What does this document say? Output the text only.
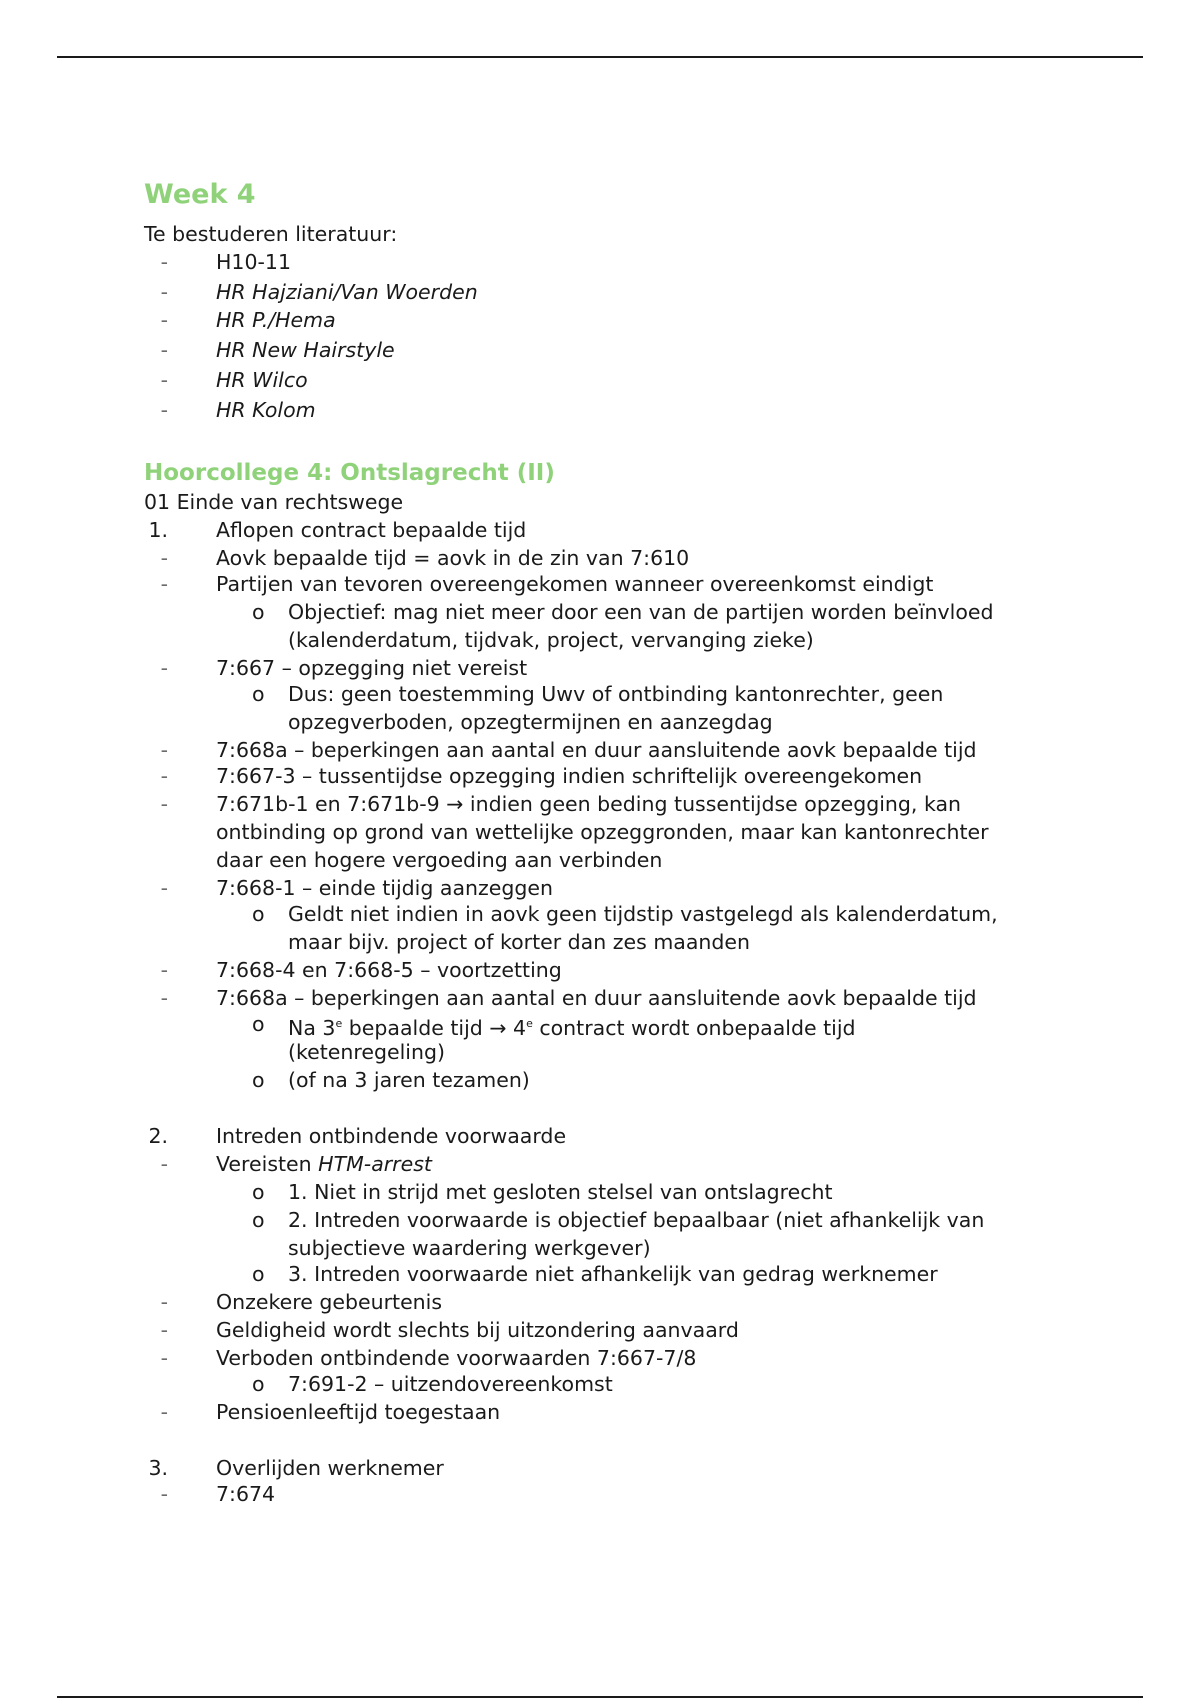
Week 4
Te bestuderen literatuur:
- H10-11
- HR Hajziani/Van Woerden
- HR P./Hema
- HR New Hairstyle
- HR Wilco
- HR Kolom
Hoorcollege 4: Ontslagrecht (II)
01 Einde van rechtswege
1. Aflopen contract bepaalde tijd
- Aovk bepaalde tijd = aovk in de zin van 7:610
- Partijen van tevoren overeengekomen wanneer overeenkomst eindigt
o Objectief: mag niet meer door een van de partijen worden beïnvloed
(kalenderdatum, tijdvak, project, vervanging zieke)
- 7:667 – opzegging niet vereist
o Dus: geen toestemming Uwv of ontbinding kantonrechter, geen
opzegverboden, opzegtermijnen en aanzegdag
- 7:668a – beperkingen aan aantal en duur aansluitende aovk bepaalde tijd
- 7:667-3 – tussentijdse opzegging indien schriftelijk overeengekomen
- 7:671b-1 en 7:671b-9 → indien geen beding tussentijdse opzegging, kan
ontbinding op grond van wettelijke opzeggronden, maar kan kantonrechter
daar een hogere vergoeding aan verbinden
- 7:668-1 – einde tijdig aanzeggen
o Geldt niet indien in aovk geen tijdstip vastgelegd als kalenderdatum,
maar bijv. project of korter dan zes maanden
- 7:668-4 en 7:668-5 – voortzetting
- 7:668a – beperkingen aan aantal en duur aansluitende aovk bepaalde tijd
o Na 3e bepaalde tijd → $4^e$ contract wordt onbepaalde tijd
(ketenregeling)
o (of na 3 jaren tezamen)
2. Intreden ontbindende voorwaarde
- Vereisten HTM-arrest
o 1. Niet in strijd met gesloten stelsel van ontslagrecht
o 2. Intreden voorwaarde is objectief bepaalbaar (niet afhankelijk van
subjectieve waardering werkgever)
o 3. Intreden voorwaarde niet afhankelijk van gedrag werknemer
- Onzekere gebeurtenis
- Geldigheid wordt slechts bij uitzondering aanvaard
- Verboden ontbindende voorwaarden 7:667-7/8
o 7:691-2 – uitzendovereenkomst
- Pensioenleeftijd toegestaan
3. Overlijden werknemer
- 7:674
